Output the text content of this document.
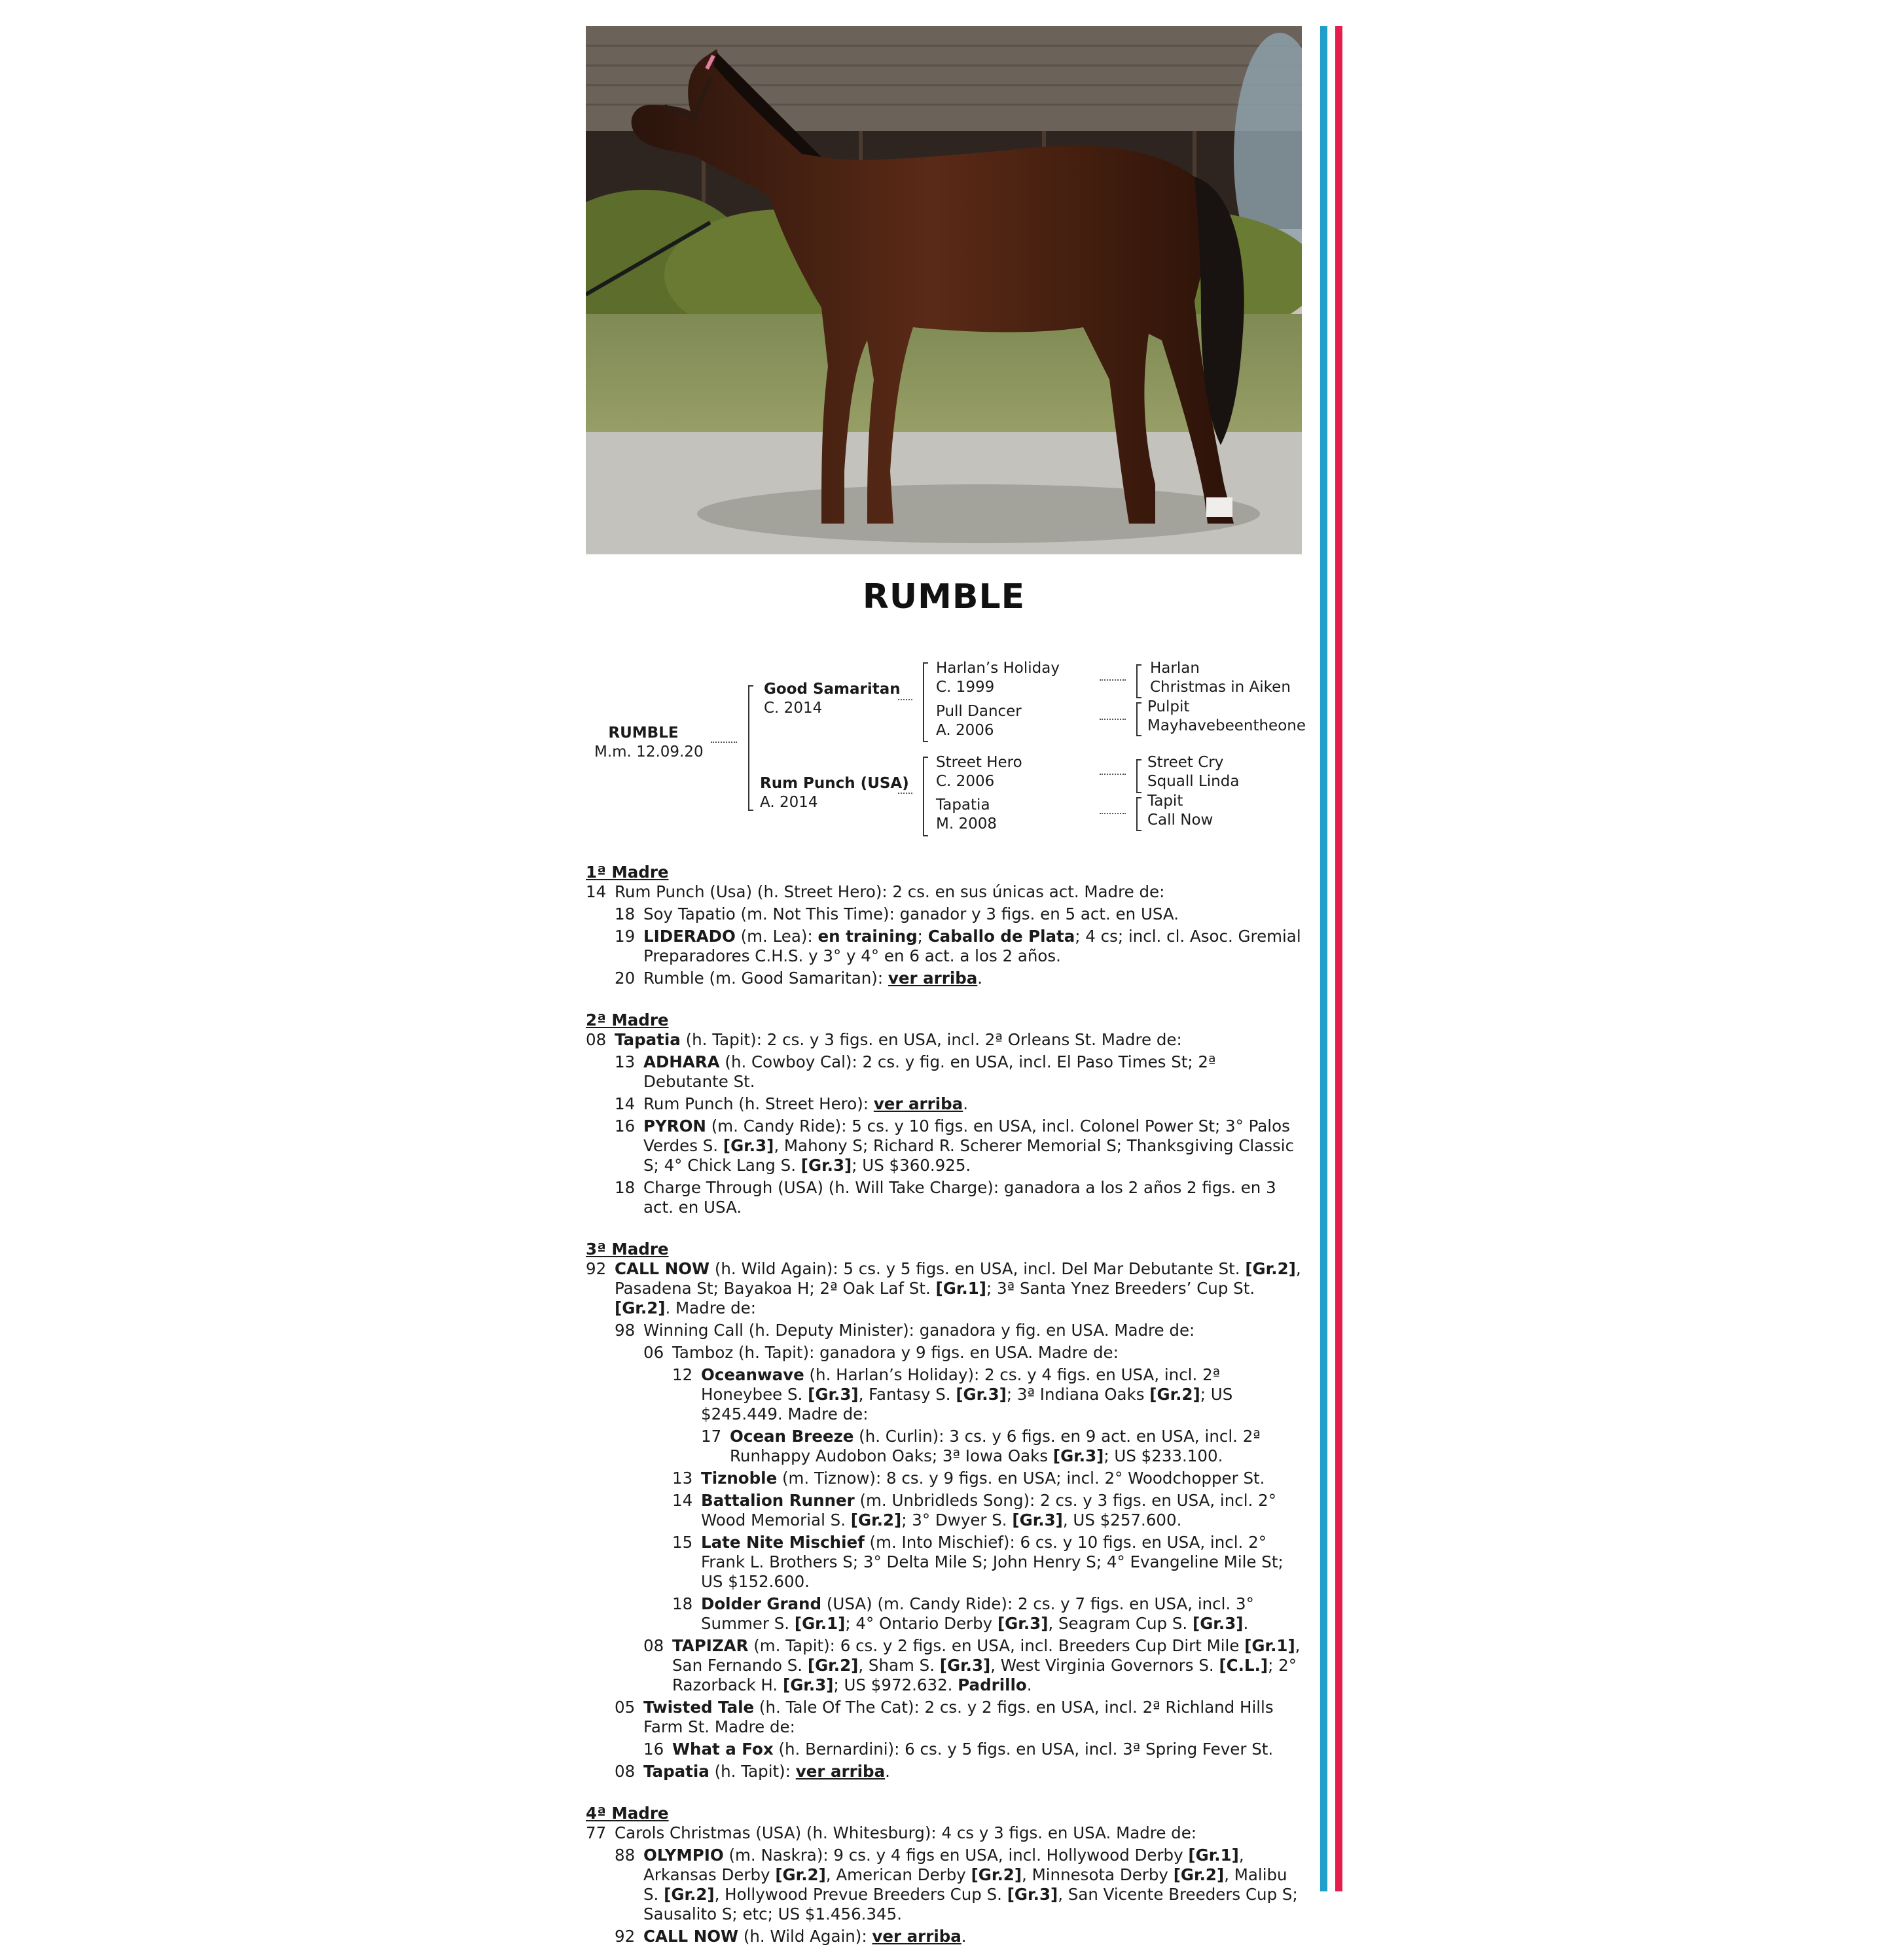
RUMBLE
RUMBLE
M.m. 12.09.20
Good Samaritan
C. 2014
Rum Punch (USA)
A. 2014
Harlan’s Holiday
C. 1999
Pull Dancer
A. 2006
Street Hero
C. 2006
Tapatia
M. 2008
Harlan
Christmas in Aiken
Pulpit
Mayhavebeentheone
Street Cry
Squall Linda
Tapit
Call Now
1ª Madre
14 Rum Punch (Usa) (h. Street Hero): 2 cs. en sus únicas act. Madre de:
18 Soy Tapatio (m. Not This Time): ganador y 3 figs. en 5 act. en USA.
19 LIDERADO (m. Lea): en training; Caballo de Plata; 4 cs; incl. cl. Asoc. Gremial Preparadores C.H.S. y 3° y 4° en 6 act. a los 2 años.
20 Rumble (m. Good Samaritan): ver arriba.
2ª Madre
08 Tapatia (h. Tapit): 2 cs. y 3 figs. en USA, incl. 2ª Orleans St. Madre de:
13 ADHARA (h. Cowboy Cal): 2 cs. y fig. en USA, incl. El Paso Times St; 2ª Debutante St.
14 Rum Punch (h. Street Hero): ver arriba.
16 PYRON (m. Candy Ride): 5 cs. y 10 figs. en USA, incl. Colonel Power St; 3° Palos Verdes S. [Gr.3], Mahony S; Richard R. Scherer Memorial S; Thanksgiving Classic S; 4° Chick Lang S. [Gr.3]; US $360.925.
18 Charge Through (USA) (h. Will Take Charge): ganadora a los 2 años 2 figs. en 3 act. en USA.
3ª Madre
92 CALL NOW (h. Wild Again): 5 cs. y 5 figs. en USA, incl. Del Mar Debutante St. [Gr.2], Pasadena St; Bayakoa H; 2ª Oak Laf St. [Gr.1]; 3ª Santa Ynez Breeders’ Cup St. [Gr.2]. Madre de:
98 Winning Call (h. Deputy Minister): ganadora y fig. en USA. Madre de:
06 Tamboz (h. Tapit): ganadora y 9 figs. en USA. Madre de:
12 Oceanwave (h. Harlan’s Holiday): 2 cs. y 4 figs. en USA, incl. 2ª Honeybee S. [Gr.3], Fantasy S. [Gr.3]; 3ª Indiana Oaks [Gr.2]; US $245.449. Madre de:
17 Ocean Breeze (h. Curlin): 3 cs. y 6 figs. en 9 act. en USA, incl. 2ª Runhappy Audobon Oaks; 3ª Iowa Oaks [Gr.3]; US $233.100.
13 Tiznoble (m. Tiznow): 8 cs. y 9 figs. en USA; incl. 2° Woodchopper St.
14 Battalion Runner (m. Unbridleds Song): 2 cs. y 3 figs. en USA, incl. 2° Wood Memorial S. [Gr.2]; 3° Dwyer S. [Gr.3], US $257.600.
15 Late Nite Mischief (m. Into Mischief): 6 cs. y 10 figs. en USA, incl. 2° Frank L. Brothers S; 3° Delta Mile S; John Henry S; 4° Evangeline Mile St; US $152.600.
18 Dolder Grand (USA) (m. Candy Ride): 2 cs. y 7 figs. en USA, incl. 3° Summer S. [Gr.1]; 4° Ontario Derby [Gr.3], Seagram Cup S. [Gr.3].
08 TAPIZAR (m. Tapit): 6 cs. y 2 figs. en USA, incl. Breeders Cup Dirt Mile [Gr.1], San Fernando S. [Gr.2], Sham S. [Gr.3], West Virginia Governors S. [C.L.]; 2° Razorback H. [Gr.3]; US $972.632. Padrillo.
05 Twisted Tale (h. Tale Of The Cat): 2 cs. y 2 figs. en USA, incl. 2ª Richland Hills Farm St. Madre de:
16 What a Fox (h. Bernardini): 6 cs. y 5 figs. en USA, incl. 3ª Spring Fever St.
08 Tapatia (h. Tapit): ver arriba.
4ª Madre
77 Carols Christmas (USA) (h. Whitesburg): 4 cs y 3 figs. en USA. Madre de:
88 OLYMPIO (m. Naskra): 9 cs. y 4 figs en USA, incl. Hollywood Derby [Gr.1], Arkansas Derby [Gr.2], American Derby [Gr.2], Minnesota Derby [Gr.2], Malibu S. [Gr.2], Hollywood Prevue Breeders Cup S. [Gr.3], San Vicente Breeders Cup S; Sausalito S; etc; US $1.456.345.
92 CALL NOW (h. Wild Again): ver arriba.
